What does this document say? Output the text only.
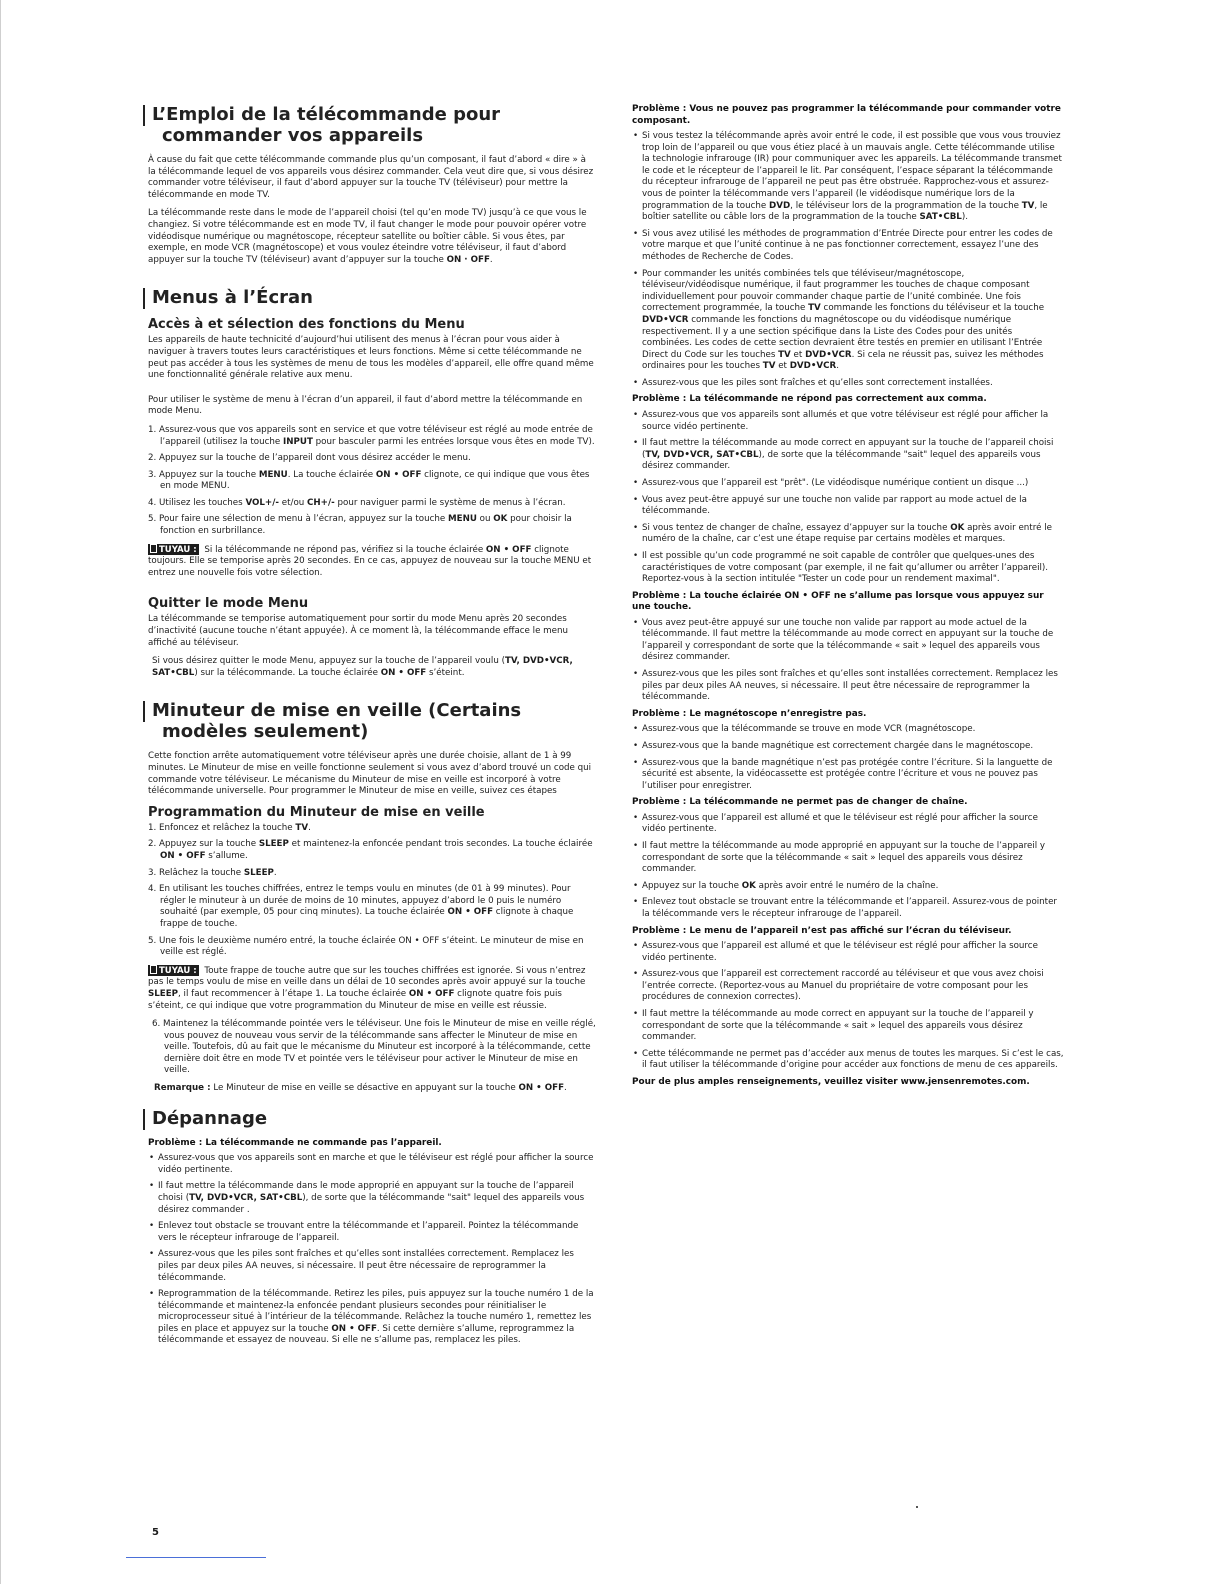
L’Emploi de la télécommande pour
commander vos appareils

À cause du fait que cette télécommande commande plus qu’un composant, il faut d’abord « dire » à la télécommande lequel de vos appareils vous désirez commander. Cela veut dire que, si vous désirez commander votre téléviseur, il faut d’abord appuyer sur la touche TV (téléviseur) pour mettre la télécommande en mode TV.

La télécommande reste dans le mode de l’appareil choisi (tel qu’en mode TV) jusqu’à ce que vous le changiez. Si votre télécommande est en mode TV, il faut changer le mode pour pouvoir opérer votre vidéodisque numérique ou magnétoscope, récepteur satellite ou boîtier câble. Si vous êtes, par exemple, en mode VCR (magnétoscope) et vous voulez éteindre votre téléviseur, il faut d’abord appuyer sur la touche TV (téléviseur) avant d’appuyer sur la touche ON · OFF.

Menus à l’Écran
Accès à et sélection des fonctions du Menu

Les appareils de haute technicité d’aujourd’hui utilisent des menus à l’écran pour vous aider à naviguer à travers toutes leurs caractéristiques et leurs fonctions. Même si cette télécommande ne peut pas accéder à tous les systèmes de menu de tous les modèles d’appareil, elle offre quand même une fonctionnalité générale relative aux menu.

Pour utiliser le système de menu à l’écran d’un appareil, il faut d’abord mettre la télécommande en mode Menu.

1. Assurez-vous que vos appareils sont en service et que votre téléviseur est réglé au mode entrée de l’appareil (utilisez la touche INPUT pour basculer parmi les entrées lorsque vous êtes en mode TV).
2. Appuyez sur la touche de l’appareil dont vous désirez accéder le menu.
3. Appuyez sur la touche MENU. La touche éclairée ON • OFF clignote, ce qui indique que vous êtes en mode MENU.
4. Utilisez les touches VOL+/- et/ou CH+/- pour naviguer parmi le système de menus à l’écran.
5. Pour faire une sélection de menu à l’écran, appuyez sur la touche MENU ou OK pour choisir la fonction en surbrillance.

TUYAU : Si la télécommande ne répond pas, vérifiez si la touche éclairée ON • OFF clignote toujours. Elle se temporise après 20 secondes. En ce cas, appuyez de nouveau sur la touche MENU et entrez une nouvelle fois votre sélection.

Quitter le mode Menu

La télécommande se temporise automatiquement pour sortir du mode Menu après 20 secondes d’inactivité (aucune touche n’étant appuyée). À ce moment là, la télécommande efface le menu affiché au téléviseur.

Si vous désirez quitter le mode Menu, appuyez sur la touche de l’appareil voulu (TV, DVD•VCR, SAT•CBL) sur la télécommande. La touche éclairée ON • OFF s’éteint.

Minuteur de mise en veille (Certains
modèles seulement)

Cette fonction arrête automatiquement votre téléviseur après une durée choisie, allant de 1 à 99 minutes. Le Minuteur de mise en veille fonctionne seulement si vous avez d’abord trouvé un code qui commande votre téléviseur. Le mécanisme du Minuteur de mise en veille est incorporé à votre télécommande universelle. Pour programmer le Minuteur de mise en veille, suivez ces étapes

Programmation du Minuteur de mise en veille
1. Enfoncez et relâchez la touche TV.
2. Appuyez sur la touche SLEEP et maintenez-la enfoncée pendant trois secondes. La touche éclairée ON • OFF s’allume.
3. Relâchez la touche SLEEP.
4. En utilisant les touches chiffrées, entrez le temps voulu en minutes (de 01 à 99 minutes). Pour régler le minuteur à un durée de moins de 10 minutes, appuyez d’abord le 0 puis le numéro souhaité (par exemple, 05 pour cinq minutes). La touche éclairée ON • OFF clignote à chaque frappe de touche.
5. Une fois le deuxième numéro entré, la touche éclairée ON • OFF s’éteint. Le minuteur de mise en veille est réglé.

TUYAU : Toute frappe de touche autre que sur les touches chiffrées est ignorée. Si vous n’entrez pas le temps voulu de mise en veille dans un délai de 10 secondes après avoir appuyé sur la touche SLEEP, il faut recommencer à l’étape 1. La touche éclairée ON • OFF clignote quatre fois puis s’éteint, ce qui indique que votre programmation du Minuteur de mise en veille est réussie.

6. Maintenez la télécommande pointée vers le téléviseur. Une fois le Minuteur de mise en veille réglé, vous pouvez de nouveau vous servir de la télécommande sans affecter le Minuteur de mise en veille. Toutefois, dû au fait que le mécanisme du Minuteur est incorporé à la télécommande, cette dernière doit être en mode TV et pointée vers le téléviseur pour activer le Minuteur de mise en veille.

Remarque : Le Minuteur de mise en veille se désactive en appuyant sur la touche ON • OFF.

Dépannage
Problème : La télécommande ne commande pas l’appareil.
• Assurez-vous que vos appareils sont en marche et que le téléviseur est réglé pour afficher la source vidéo pertinente.
• Il faut mettre la télécommande dans le mode approprié en appuyant sur la touche de l’appareil choisi (TV, DVD•VCR, SAT•CBL), de sorte que la télécommande "sait" lequel des appareils vous désirez commander .
• Enlevez tout obstacle se trouvant entre la télécommande et l’appareil. Pointez la télécommande vers le récepteur infrarouge de l’appareil.
• Assurez-vous que les piles sont fraîches et qu’elles sont installées correctement. Remplacez les piles par deux piles AA neuves, si nécessaire. Il peut être nécessaire de reprogrammer la télécommande.
• Reprogrammation de la télécommande. Retirez les piles, puis appuyez sur la touche numéro 1 de la télécommande et maintenez-la enfoncée pendant plusieurs secondes pour réinitialiser le microprocesseur situé à l’intérieur de la télécommande. Relâchez la touche numéro 1, remettez les piles en place et appuyez sur la touche ON • OFF. Si cette dernière s’allume, reprogrammez la télécommande et essayez de nouveau. Si elle ne s’allume pas, remplacez les piles.
Problème : Vous ne pouvez pas programmer la télécommande pour commander votre composant.
• Si vous testez la télécommande après avoir entré le code, il est possible que vous vous trouviez trop loin de l’appareil ou que vous étiez placé à un mauvais angle. Cette télécommande utilise la technologie infrarouge (IR) pour communiquer avec les appareils. La télécommande transmet le code et le récepteur de l’appareil le lit. Par conséquent, l’espace séparant la télécommande du récepteur infrarouge de l’appareil ne peut pas être obstruée. Rapprochez-vous et assurez-vous de pointer la télécommande vers l’appareil (le vidéodisque numérique lors de la programmation de la touche DVD, le téléviseur lors de la programmation de la touche TV, le boîtier satellite ou câble lors de la programmation de la touche SAT•CBL).
• Si vous avez utilisé les méthodes de programmation d’Entrée Directe pour entrer les codes de votre marque et que l’unité continue à ne pas fonctionner correctement, essayez l’une des méthodes de Recherche de Codes.
• Pour commander les unités combinées tels que téléviseur/magnétoscope, téléviseur/vidéodisque numérique, il faut programmer les touches de chaque composant individuellement pour pouvoir commander chaque partie de l’unité combinée. Une fois correctement programmée, la touche TV commande les fonctions du téléviseur et la touche DVD•VCR commande les fonctions du magnétoscope ou du vidéodisque numérique respectivement. Il y a une section spécifique dans la Liste des Codes pour des unités combinées. Les codes de cette section devraient être testés en premier en utilisant l’Entrée Direct du Code sur les touches TV et DVD•VCR. Si cela ne réussit pas, suivez les méthodes ordinaires pour les touches TV et DVD•VCR.
• Assurez-vous que les piles sont fraîches et qu’elles sont correctement installées.
Problème : La télécommande ne répond pas correctement aux comma.
• Assurez-vous que vos appareils sont allumés et que votre téléviseur est réglé pour afficher la source vidéo pertinente.
• Il faut mettre la télécommande au mode correct en appuyant sur la touche de l’appareil choisi (TV, DVD•VCR, SAT•CBL), de sorte que la télécommande "sait" lequel des appareils vous désirez commander.
• Assurez-vous que l’appareil est "prêt". (Le vidéodisque numérique contient un disque ...)
• Vous avez peut-être appuyé sur une touche non valide par rapport au mode actuel de la télécommande.
• Si vous tentez de changer de chaîne, essayez d’appuyer sur la touche OK après avoir entré le numéro de la chaîne, car c’est une étape requise par certains modèles et marques.
• Il est possible qu’un code programmé ne soit capable de contrôler que quelques-unes des caractéristiques de votre composant (par exemple, il ne fait qu’allumer ou arrêter l’appareil). Reportez-vous à la section intitulée "Tester un code pour un rendement maximal".
Problème : La touche éclairée ON • OFF ne s’allume pas lorsque vous appuyez sur une touche.
• Vous avez peut-être appuyé sur une touche non valide par rapport au mode actuel de la télécommande. Il faut mettre la télécommande au mode correct en appuyant sur la touche de l’appareil y correspondant de sorte que la télécommande « sait » lequel des appareils vous désirez commander.
• Assurez-vous que les piles sont fraîches et qu’elles sont installées correctement. Remplacez les piles par deux piles AA neuves, si nécessaire. Il peut être nécessaire de reprogrammer la télécommande.
Problème : Le magnétoscope n’enregistre pas.
• Assurez-vous que la télécommande se trouve en mode VCR (magnétoscope.
• Assurez-vous que la bande magnétique est correctement chargée dans le magnétoscope.
• Assurez-vous que la bande magnétique n’est pas protégée contre l’écriture. Si la languette de sécurité est absente, la vidéocassette est protégée contre l’écriture et vous ne pouvez pas l’utiliser pour enregistrer.
Problème : La télécommande ne permet pas de changer de chaîne.
• Assurez-vous que l’appareil est allumé et que le téléviseur est réglé pour afficher la source vidéo pertinente.
• Il faut mettre la télécommande au mode approprié en appuyant sur la touche de l’appareil y correspondant de sorte que la télécommande « sait » lequel des appareils vous désirez commander.
• Appuyez sur la touche OK après avoir entré le numéro de la chaîne.
• Enlevez tout obstacle se trouvant entre la télécommande et l’appareil. Assurez-vous de pointer la télécommande vers le récepteur infrarouge de l’appareil.
Problème : Le menu de l’appareil n’est pas affiché sur l’écran du téléviseur.
• Assurez-vous que l’appareil est allumé et que le téléviseur est réglé pour afficher la source vidéo pertinente.
• Assurez-vous que l’appareil est correctement raccordé au téléviseur et que vous avez choisi l’entrée correcte. (Reportez-vous au Manuel du propriétaire de votre composant pour les procédures de connexion correctes).
• Il faut mettre la télécommande au mode correct en appuyant sur la touche de l’appareil y correspondant de sorte que la télécommande « sait » lequel des appareils vous désirez commander.
• Cette télécommande ne permet pas d’accéder aux menus de toutes les marques. Si c’est le cas, il faut utiliser la télécommande d’origine pour accéder aux fonctions de menu de ces appareils.
Pour de plus amples renseignements, veuillez visiter www.jensenremotes.com.
5
